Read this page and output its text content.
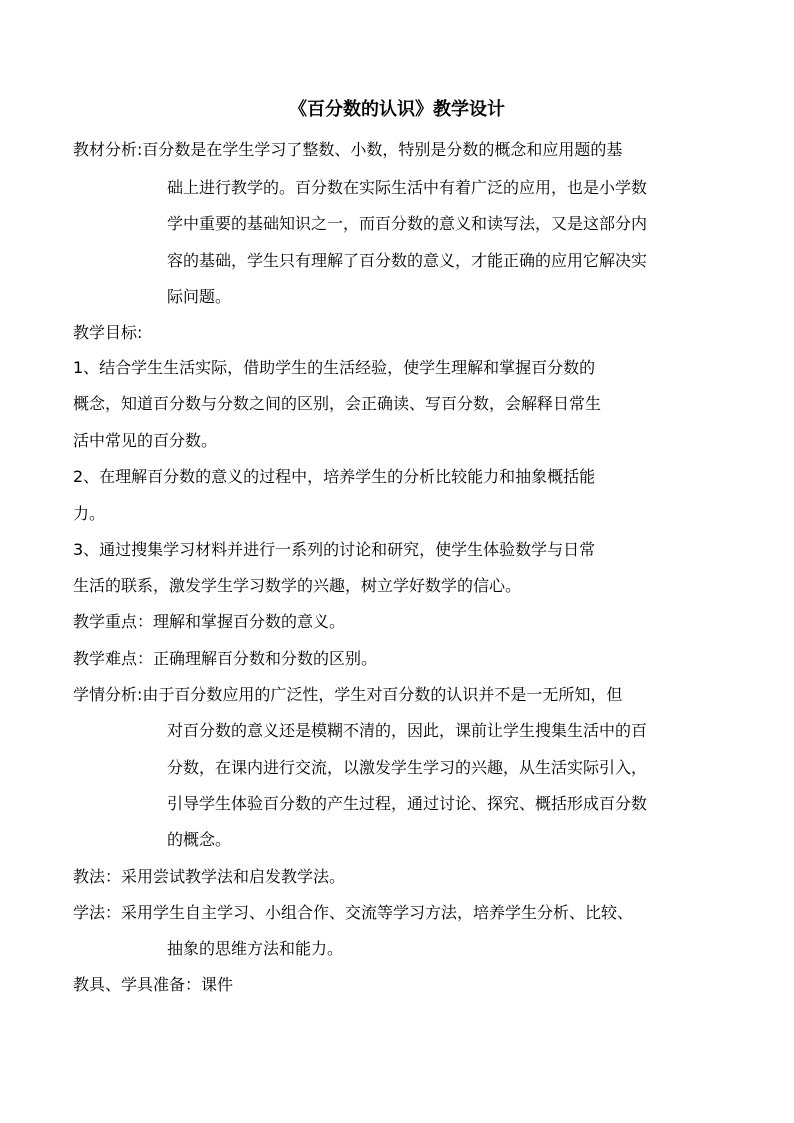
《百分数的认识》教学设计
教材分析:百分数是在学生学习了整数、小数，特别是分数的概念和应用题的基
础上进行教学的。百分数在实际生活中有着广泛的应用，也是小学数
学中重要的基础知识之一，而百分数的意义和读写法，又是这部分内
容的基础，学生只有理解了百分数的意义，才能正确的应用它解决实
际问题。
教学目标:
1、结合学生生活实际，借助学生的生活经验，使学生理解和掌握百分数的
概念，知道百分数与分数之间的区别，会正确读、写百分数，会解释日常生
活中常见的百分数。
2、在理解百分数的意义的过程中，培养学生的分析比较能力和抽象概括能
力。
3、通过搜集学习材料并进行一系列的讨论和研究，使学生体验数学与日常
生活的联系，激发学生学习数学的兴趣，树立学好数学的信心。
教学重点：理解和掌握百分数的意义。
教学难点：正确理解百分数和分数的区别。
学情分析:由于百分数应用的广泛性，学生对百分数的认识并不是一无所知，但
对百分数的意义还是模糊不清的，因此，课前让学生搜集生活中的百
分数，在课内进行交流，以激发学生学习的兴趣，从生活实际引入，
引导学生体验百分数的产生过程，通过讨论、探究、概括形成百分数
的概念。
教法：采用尝试教学法和启发教学法。
学法：采用学生自主学习、小组合作、交流等学习方法，培养学生分析、比较、
抽象的思维方法和能力。
教具、学具准备：课件
